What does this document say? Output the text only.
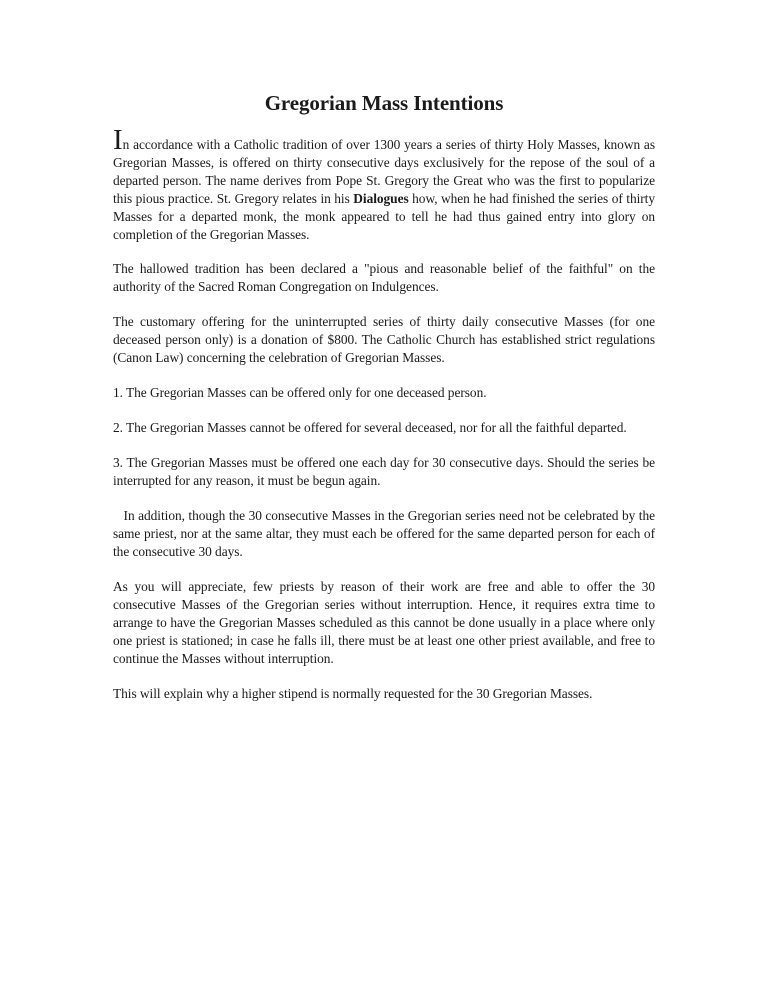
Gregorian Mass Intentions

In accordance with a Catholic tradition of over 1300 years a series of thirty Holy Masses, known as Gregorian Masses, is offered on thirty consecutive days exclusively for the repose of the soul of a departed person. The name derives from Pope St. Gregory the Great who was the first to popularize this pious practice. St. Gregory relates in his Dialogues how, when he had finished the series of thirty Masses for a departed monk, the monk appeared to tell he had thus gained entry into glory on completion of the Gregorian Masses.

The hallowed tradition has been declared a "pious and reasonable belief of the faithful" on the authority of the Sacred Roman Congregation on Indulgences.

The customary offering for the uninterrupted series of thirty daily consecutive Masses (for one deceased person only) is a donation of $800. The Catholic Church has established strict regulations (Canon Law) concerning the celebration of Gregorian Masses.

1. The Gregorian Masses can be offered only for one deceased person.

2. The Gregorian Masses cannot be offered for several deceased, nor for all the faithful departed.

3. The Gregorian Masses must be offered one each day for 30 consecutive days. Should the series be interrupted for any reason, it must be begun again.

In addition, though the 30 consecutive Masses in the Gregorian series need not be celebrated by the same priest, nor at the same altar, they must each be offered for the same departed person for each of the consecutive 30 days.

As you will appreciate, few priests by reason of their work are free and able to offer the 30 consecutive Masses of the Gregorian series without interruption. Hence, it requires extra time to arrange to have the Gregorian Masses scheduled as this cannot be done usually in a place where only one priest is stationed; in case he falls ill, there must be at least one other priest available, and free to continue the Masses without interruption.

This will explain why a higher stipend is normally requested for the 30 Gregorian Masses.
